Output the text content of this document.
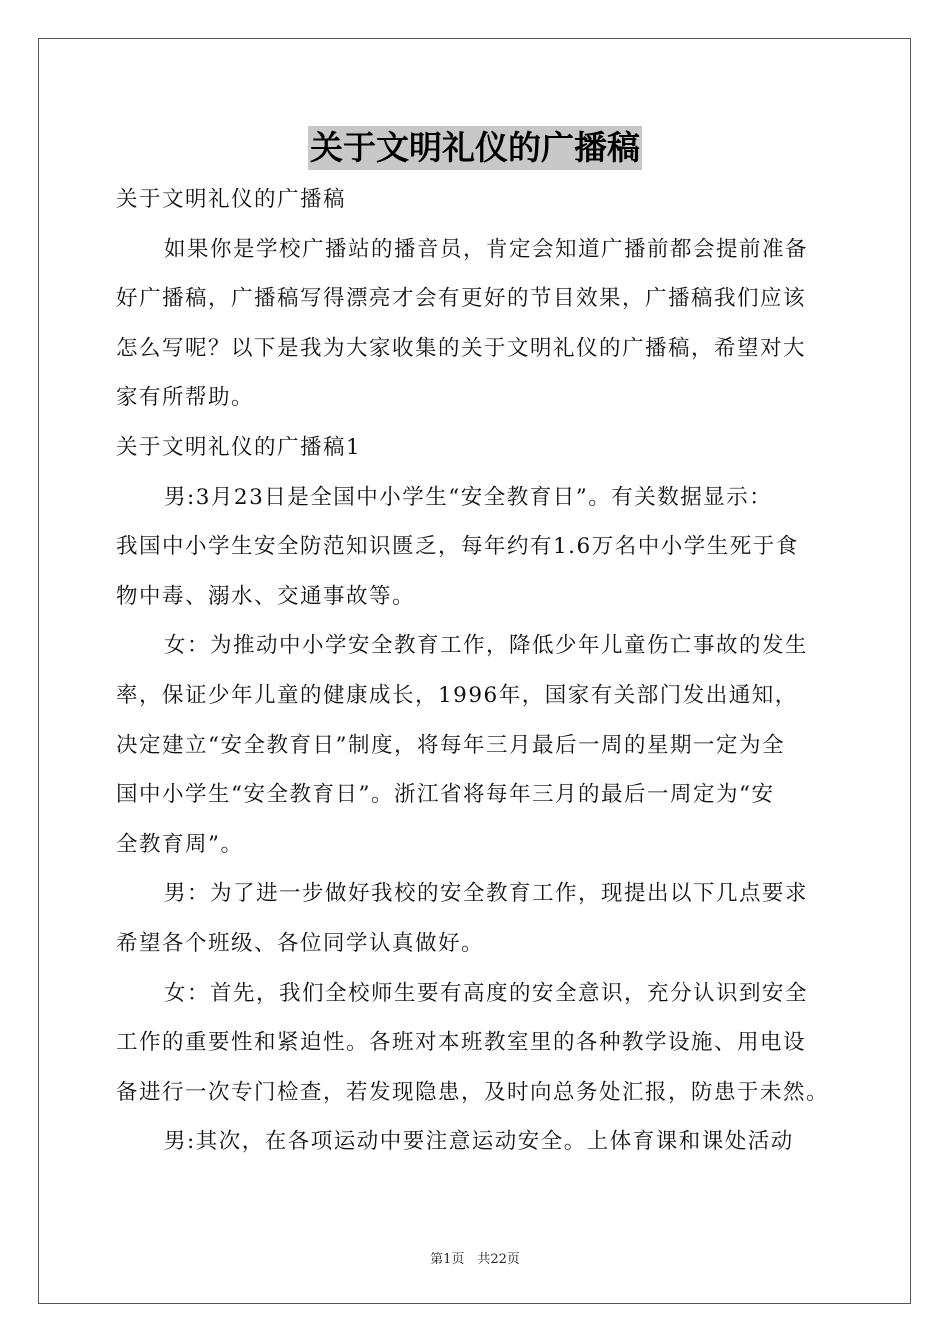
关于文明礼仪的广播稿
关于文明礼仪的广播稿
如果你是学校广播站的播音员，肯定会知道广播前都会提前准备
好广播稿，广播稿写得漂亮才会有更好的节目效果，广播稿我们应该
怎么写呢？以下是我为大家收集的关于文明礼仪的广播稿，希望对大
家有所帮助。
关于文明礼仪的广播稿1
男:3月23日是全国中小学生“安全教育日”。有关数据显示：
我国中小学生安全防范知识匮乏，每年约有1.6万名中小学生死于食
物中毒、溺水、交通事故等。
女：为推动中小学安全教育工作，降低少年儿童伤亡事故的发生
率，保证少年儿童的健康成长，1996年，国家有关部门发出通知，
决定建立“安全教育日”制度，将每年三月最后一周的星期一定为全
国中小学生“安全教育日”。浙江省将每年三月的最后一周定为“安
全教育周”。
男：为了进一步做好我校的安全教育工作，现提出以下几点要求
希望各个班级、各位同学认真做好。
女：首先，我们全校师生要有高度的安全意识，充分认识到安全
工作的重要性和紧迫性。各班对本班教室里的各种教学设施、用电设
备进行一次专门检查，若发现隐患，及时向总务处汇报，防患于未然。
男:其次，在各项运动中要注意运动安全。上体育课和课处活动
第1页　共22页
